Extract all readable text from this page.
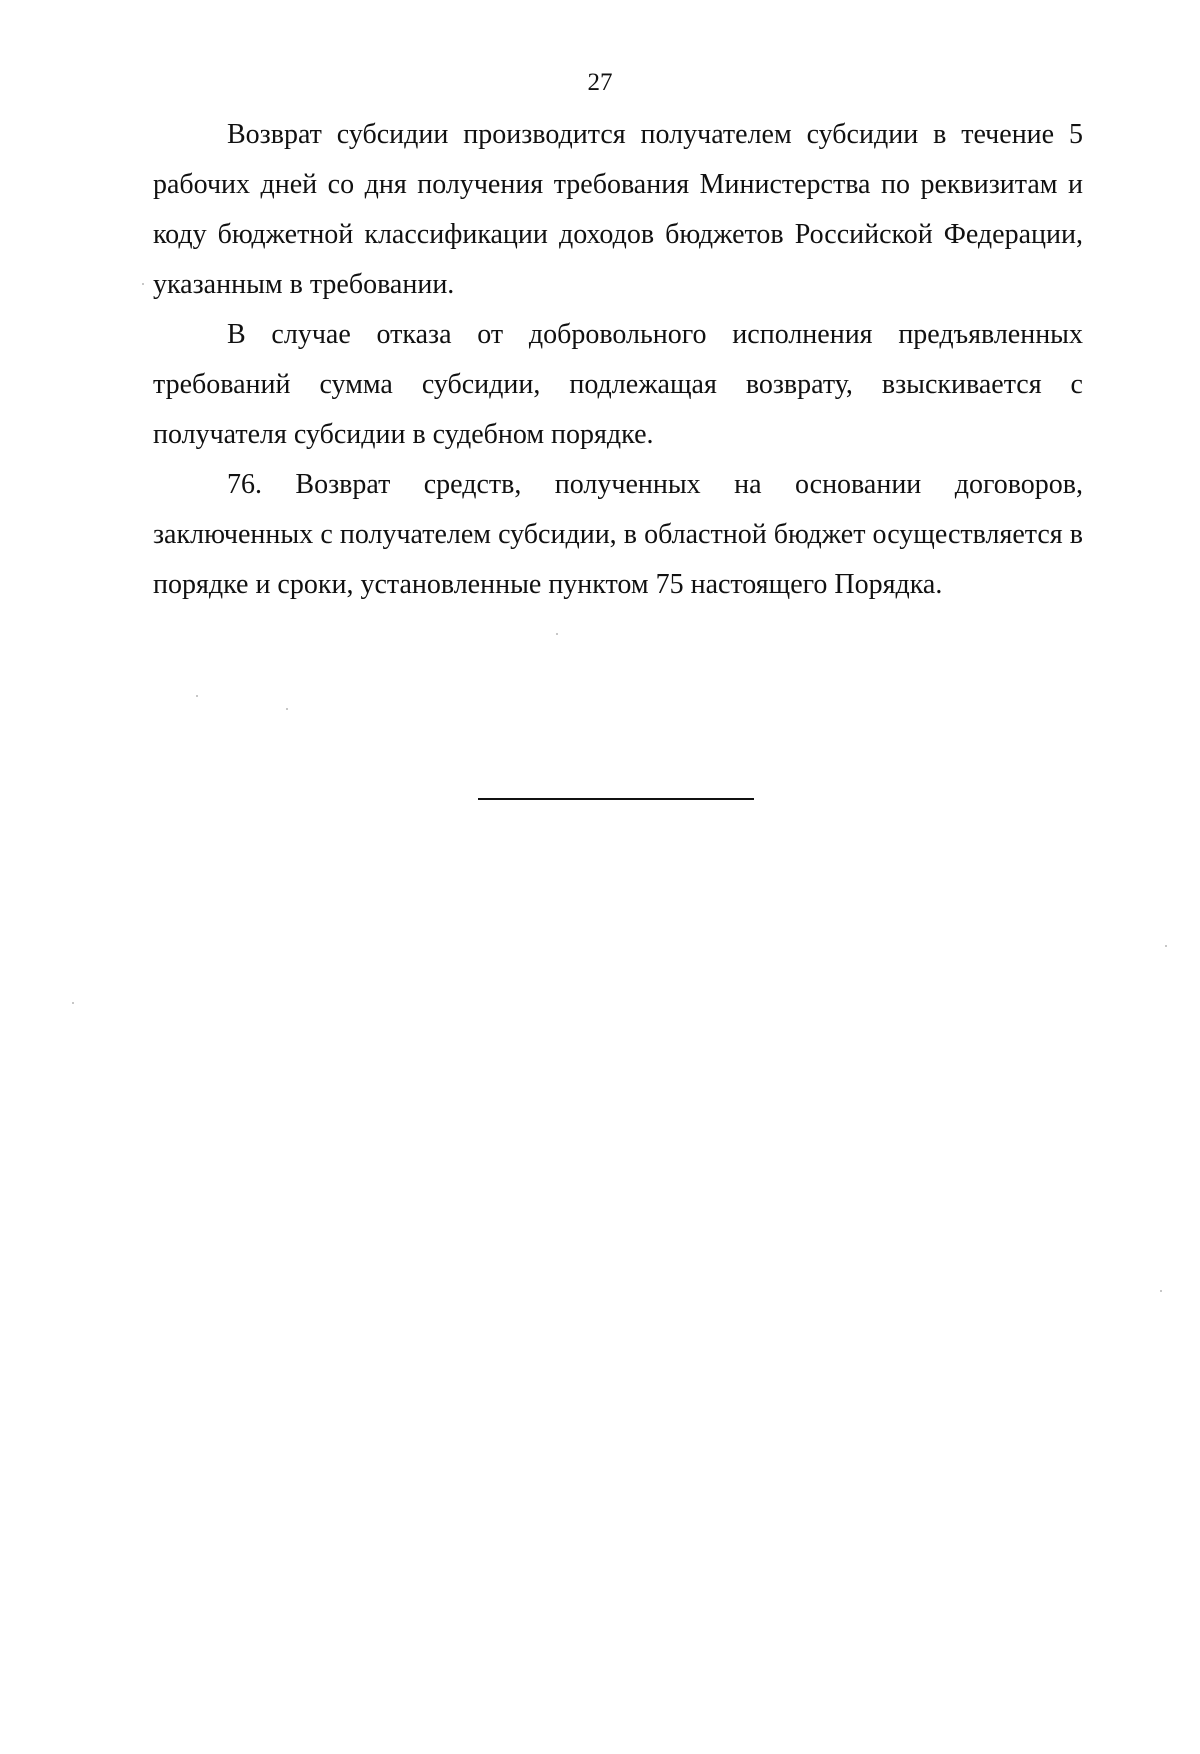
27

Возврат субсидии производится получателем субсидии в течение 5 рабочих дней со дня получения требования Министерства по реквизитам и коду бюджетной классификации доходов бюджетов Российской Федерации, указанным в требовании.

В случае отказа от добровольного исполнения предъявленных требований сумма субсидии, подлежащая возврату, взыскивается с получателя субсидии в судебном порядке.

76. Возврат средств, полученных на основании договоров, заключенных с получателем субсидии, в областной бюджет осуществляется в порядке и сроки, установленные пунктом 75 настоящего Порядка.
